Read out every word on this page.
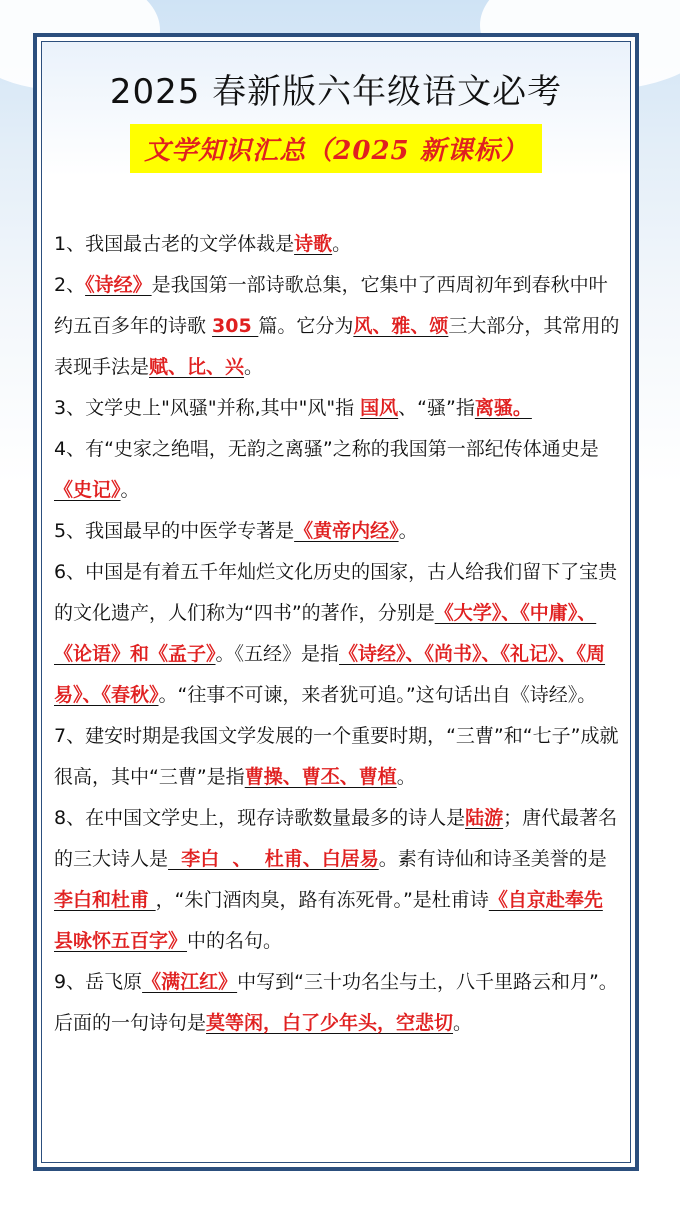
2025 春新版六年级语文必考
文学知识汇总（2025 新课标）

1、我国最古老的文学体裁是诗歌。

2、《诗经》是我国第一部诗歌总集，它集中了西周初年到春秋中叶约五百多年的诗歌 305 篇。它分为风、雅、颂三大部分，其常用的表现手法是赋、比、兴。

3、文学史上"风骚"并称,其中"风"指 国风、“骚”指离骚。

4、有“史家之绝唱，无韵之离骚”之称的我国第一部纪传体通史是《史记》。

5、我国最早的中医学专著是《黄帝内经》。

6、中国是有着五千年灿烂文化历史的国家，古人给我们留下了宝贵的文化遗产，人们称为“四书”的著作，分别是《大学》、《中庸》、《论语》和《孟子》。《五经》是指《诗经》、《尚书》、《礼记》、《周易》、《春秋》。“往事不可谏，来者犹可追。”这句话出自《诗经》。

7、建安时期是我国文学发展的一个重要时期，“三曹”和“七子”成就很高，其中“三曹”是指曹操、曹丕、曹植。

8、在中国文学史上，现存诗歌数量最多的诗人是陆游；唐代最著名的三大诗人是  李白  、  杜甫、白居易。素有诗仙和诗圣美誉的是李白和杜甫 ，“朱门酒肉臭，路有冻死骨。”是杜甫诗《自京赴奉先县咏怀五百字》中的名句。

9、岳飞原《满江红》中写到“三十功名尘与土，八千里路云和月”。后面的一句诗句是莫等闲，白了少年头，空悲切。
